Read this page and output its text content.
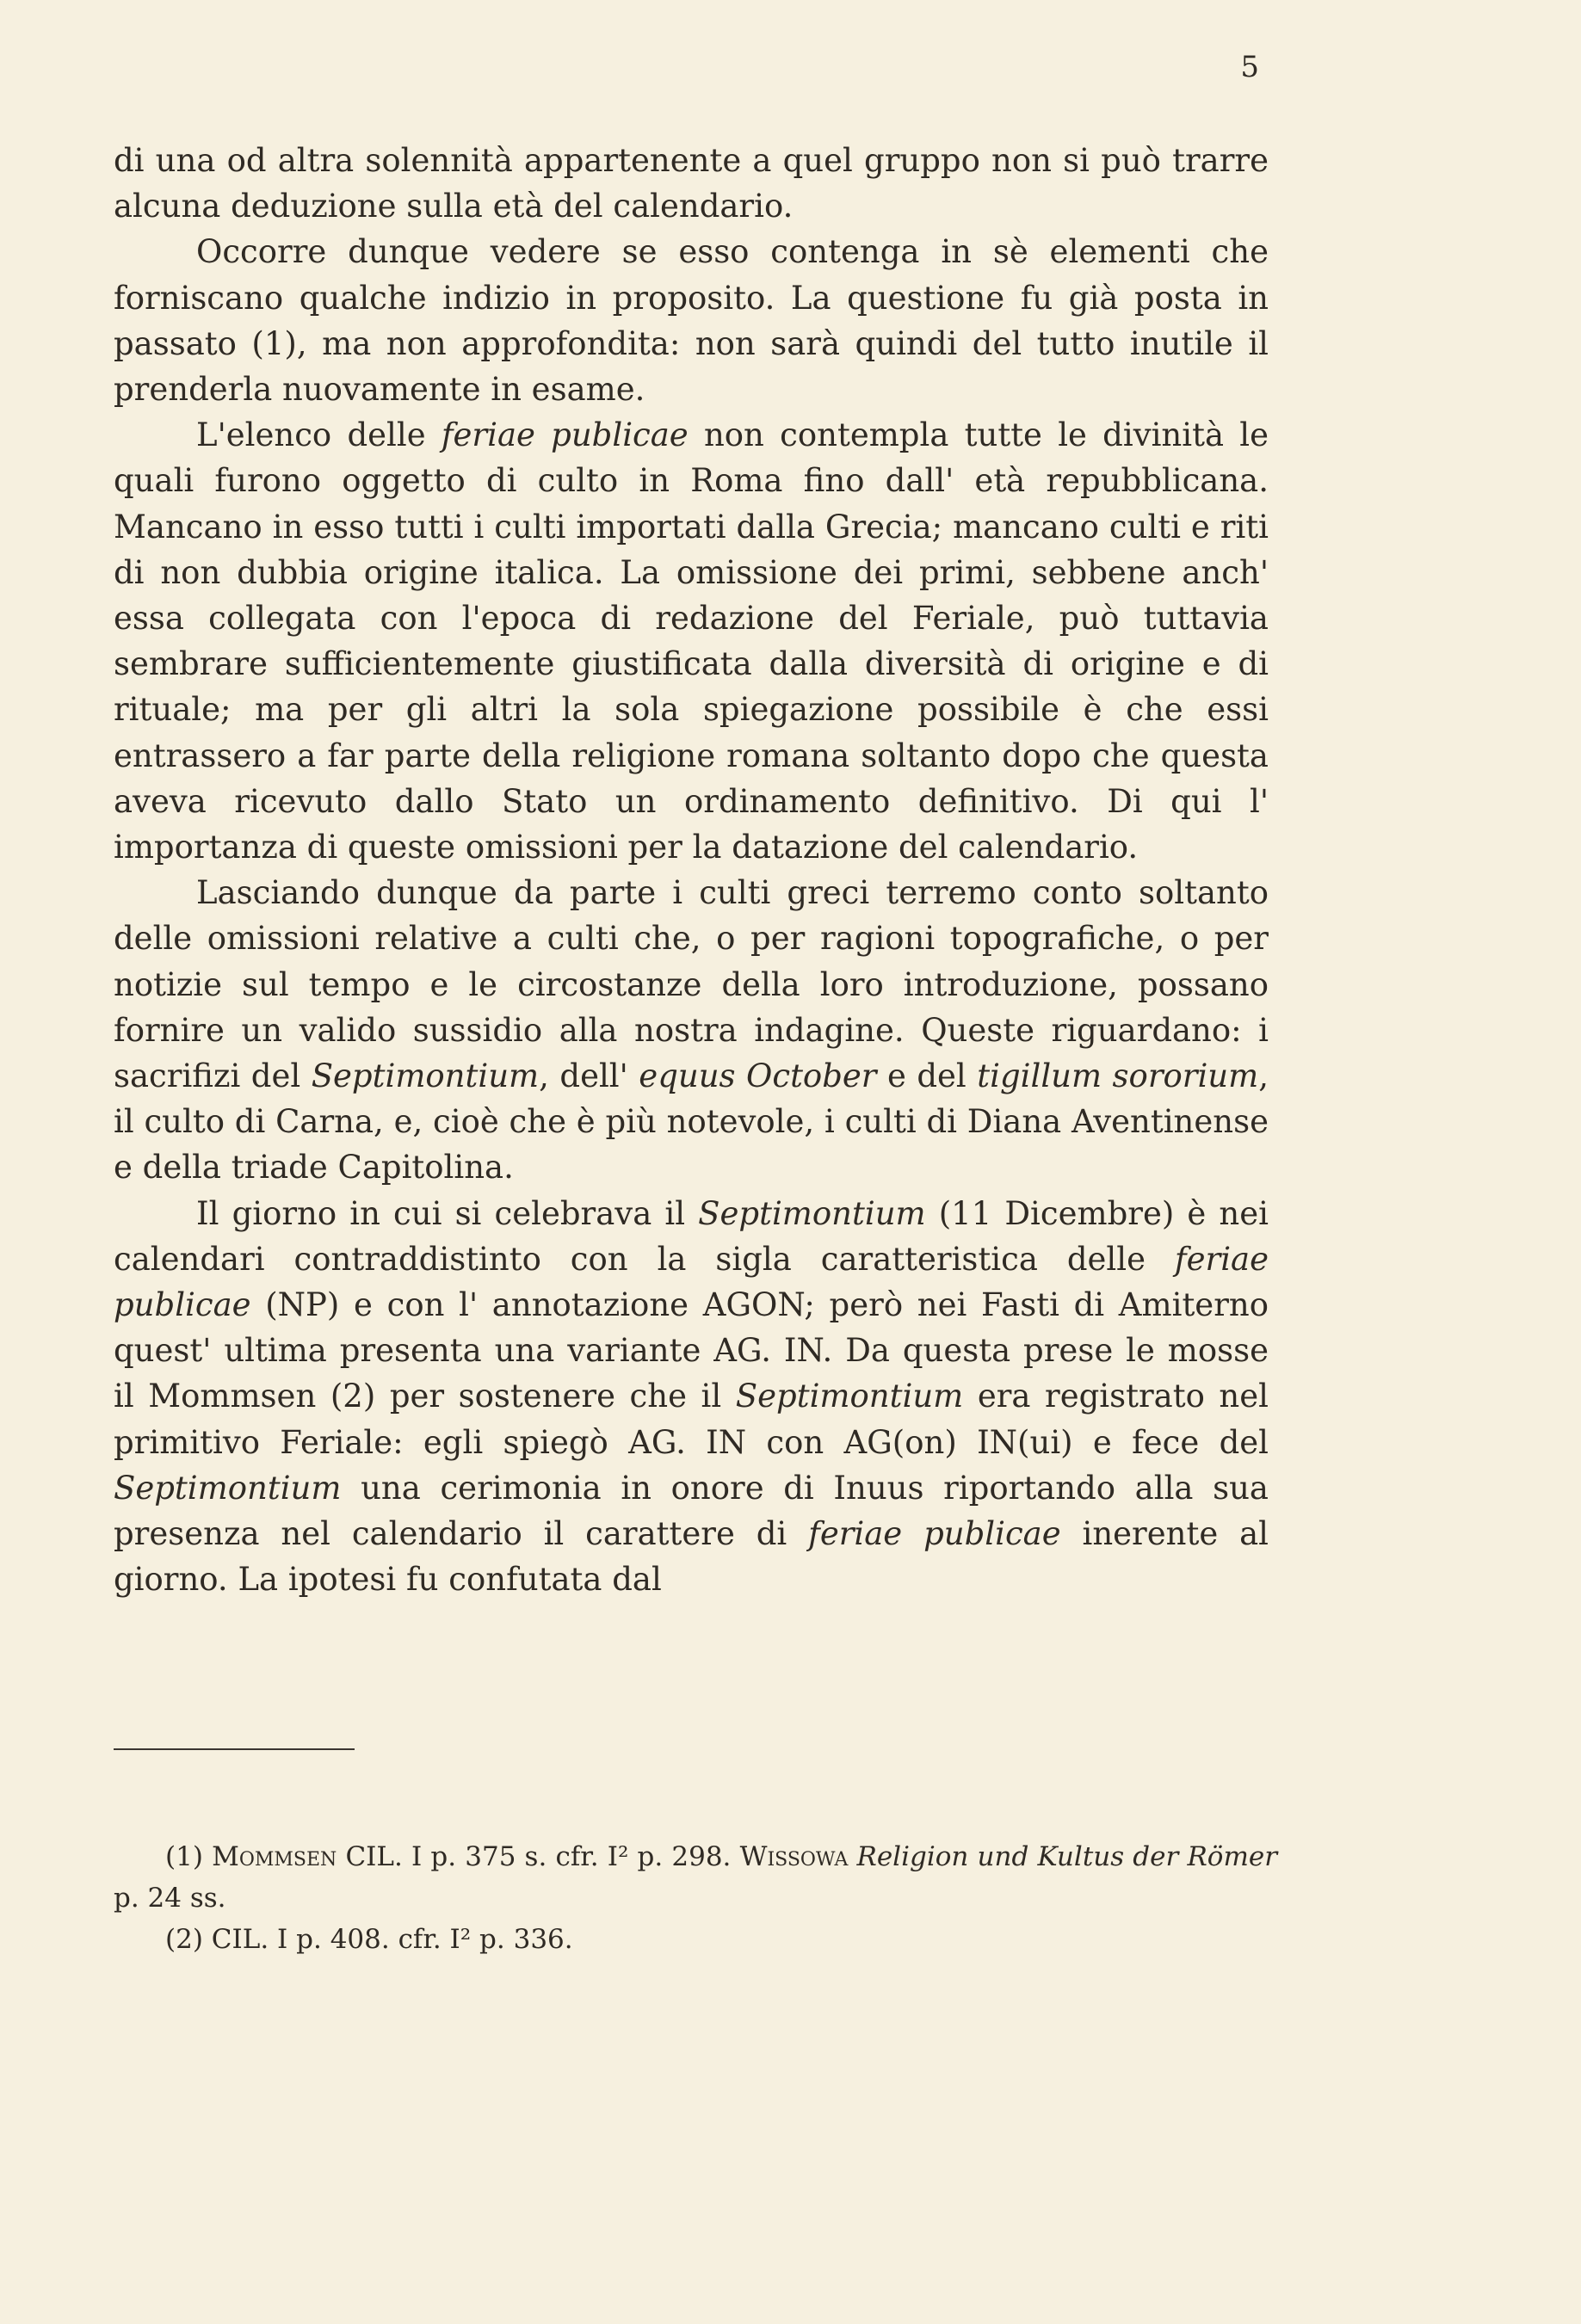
5

di una od altra solennità appartenente a quel gruppo non si può trarre alcuna deduzione sulla età del calendario.

Occorre dunque vedere se esso contenga in sè elementi che forniscano qualche indizio in proposito. La questione fu già posta in passato (1), ma non approfondita: non sarà quindi del tutto inutile il prenderla nuovamente in esame.

L'elenco delle feriae publicae non contempla tutte le divinità le quali furono oggetto di culto in Roma fino dall' età repubblicana. Mancano in esso tutti i culti importati dalla Grecia; mancano culti e riti di non dubbia origine italica. La omissione dei primi, sebbene anch' essa collegata con l'epoca di redazione del Feriale, può tuttavia sembrare sufficientemente giustificata dalla diversità di origine e di rituale; ma per gli altri la sola spiegazione possibile è che essi entrassero a far parte della religione romana soltanto dopo che questa aveva ricevuto dallo Stato un ordinamento definitivo. Di qui l' importanza di queste omissioni per la datazione del calendario.

Lasciando dunque da parte i culti greci terremo conto soltanto delle omissioni relative a culti che, o per ragioni topografiche, o per notizie sul tempo e le circostanze della loro introduzione, possano fornire un valido sussidio alla nostra indagine. Queste riguardano: i sacrifizi del Septimontium, dell' equus October e del tigillum sororium, il culto di Carna, e, cioè che è più notevole, i culti di Diana Aventinense e della triade Capitolina.

Il giorno in cui si celebrava il Septimontium (11 Dicembre) è nei calendari contraddistinto con la sigla caratteristica delle feriae publicae (NP) e con l' annotazione AGON; però nei Fasti di Amiterno quest' ultima presenta una variante AG. IN. Da questa prese le mosse il Mommsen (2) per sostenere che il Septimontium era registrato nel primitivo Feriale: egli spiegò AG. IN con AG(on) IN(ui) e fece del Septimontium una cerimonia in onore di Inuus riportando alla sua presenza nel calendario il carattere di feriae publicae inerente al giorno. La ipotesi fu confutata dal

(1) Mommsen CIL. I p. 375 s. cfr. I² p. 298. Wissowa Religion und Kultus der Römer p. 24 ss.

(2) CIL. I p. 408. cfr. I² p. 336.
